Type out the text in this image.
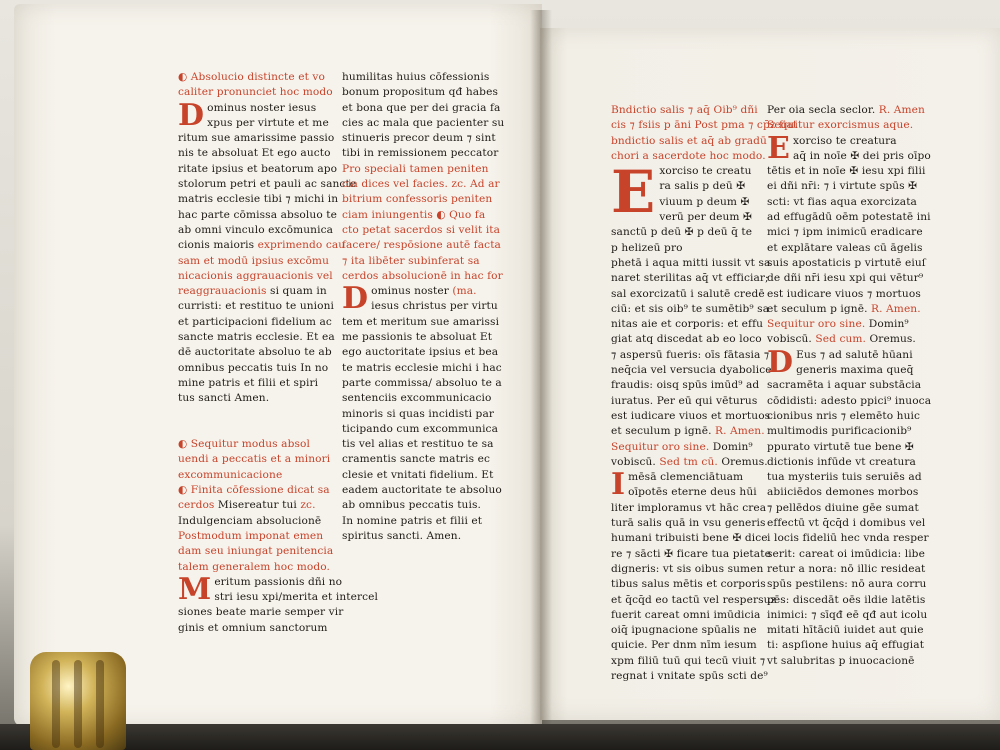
◐ Absolucio distincte et vo
caliter pronunciet hoc modo
D ominus noster iesus
xpus per virtute et me
ritum sue amarissime passio
nis te absoluat Et ego aucto
ritate ipsius et beatorum apo
stolorum petri et pauli ac sancte
matris ecclesie tibi ⁊ michi in
hac parte cōmissa absoluo te
ab omni vinculo excōmunica
cionis maioris exprimendo cau
sam et modū ipsius excōmu
nicacionis aggrauacionis vel
reaggrauacionis si quam in
curristi: et restituo te unioni
et participacioni fidelium ac
sancte matris ecclesie. Et ea
dē auctoritate absoluo te ab
omnibus peccatis tuis In no
mine patris et filii et spiri
tus sancti Amen.
◐ Sequitur modus absol
uendi a peccatis et a minori
excommunicacione
◐ Finita cōfessione dicat sa
cerdos Misereatur tui zc.
Indulgenciam absolucionē
Postmodum imponat emen
dam seu iniungat penitencia
talem generalem hoc modo.
M eritum passionis dñi no
stri iesu xpi/merita et intercel
siones beate marie semper vir
ginis et omnium sanctorum
humilitas huius cōfessionis
bonum propositum qđ habes
et bona que per dei gracia fa
cies ac mala que pacienter su
stinueris precor deum ⁊ sint
tibi in remissionem peccator
Pro speciali tamen peniten
cia dices vel facies. zc. Ad ar
bitrium confessoris peniten
ciam iniungentis ◐ Quo fa
cto petat sacerdos si velit ita
facere/ respōsione autē facta
⁊ ita libēter subinferat sa
cerdos absolucionē in hac for
D ominus noster (ma.
iesus christus per virtu
tem et meritum sue amarissi
me passionis te absoluat Et
ego auctoritate ipsius et bea
te matris ecclesie michi i hac
parte commissa/ absoluo te a
sentenciis excommunicacio
minoris si quas incidisti par
ticipando cum excommunica
tis vel alias et restituo te sa
cramentis sancte matris ec
clesie et vnitati fidelium. Et
eadem auctoritate te absoluo
ab omnibus peccatis tuis.
In nomine patris et filii et
spiritus sancti. Amen.
Bndictio salis ⁊ aq̄ Oib⁹ dñi
cis ⁊ fsiis p āni Post pma ⁊ cp̄z fiat
bndictio salis et aq̄ ab gradū
chori a sacerdote hoc modo.
E xorciso te creatu
ra salis p deū ✠
viuum p deum ✠
verū per deum ✠
sanctū p deū ✠ p deū q̄ te
p helizeū pro
phetā i aqua mitti iussit vt sa
naret sterilitas aq̄ vt efficiar;
sal exorcizatū i salutē credē
ciū: et sis oib⁹ te sumētib⁹ sa
nitas aie et corporis: et effu
giat atq discedat ab eo loco
⁊ aspersū fueris: oīs fātasia ⁊
neq̄cia vel versucia dyabolice
fraudis: oisq spūs imūd⁹ ad
iuratus. Per eū qui vēturus
est iudicare viuos et mortuos
et seculum p ignē. R. Amen.
Sequitur oro sine. Domin⁹
vobiscū. Sed tm cū. Oremus.
I mēsā clemenciātuam
oīpotēs eterne deus hūi
liter imploramus vt hāc crea
turā salis quā in vsu generis
humani tribuisti bene ✠ dice
re ⁊ sācti ✠ ficare tua pietate
digneris: vt sis oibus sumen
tibus salus mētis et corporis
et q̄cq̄d eo tactū vel respersuz
fuerit careat omni imūdicia
oiq̄ ipugnacione spūalis ne
quicie. Per dnm nīm iesum
xpm filiū tuū qui tecū viuit ⁊
regnat i vnitate spūs scti de⁹
Per oia secla seclor. R. Amen
Sequitur exorcismus aque.
E xorciso te creatura
aq̄ in noīe ✠ dei pris oīpo
tētis et in noīe ✠ iesu xpi filii
ei dñi nr̄i: ⁊ i virtute spūs ✠
scti: vt fias aqua exorcizata
ad effugādū oēm potestatē ini
mici ⁊ ipm inimicū eradicare
et explātare valeas cū āgelis
suis apostaticis p virtutē eiuſ
de dñi nr̄i iesu xpi qui vētur⁹
est iudicare viuos ⁊ mortuos
et seculum p ignē. R. Amen.
Sequitur oro sine. Domin⁹
vobiscū. Sed cum. Oremus.
D Eus ⁊ ad salutē hūani
generis maxima queq̄
sacramēta i aquar substācia
cōdidisti: adesto ppici⁹ inuoca
cionibus nris ⁊ elemēto huic
multimodis purificacionib⁹
ppurato virtutē tue bene ✠
dictionis infūde vt creatura
tua mysteriis tuis seruiēs ad
abiiciēdos demones morbos
⁊ pellēdos diuine gēe sumat
effectū vt q̄cq̄d i domibus vel
i locis fideliū hec vnda resper
serit: careat oi imūdicia: libe
retur a nora: nō illic resideat
spūs pestilens: nō aura corru
pēs: discedāt oēs ildie latētis
inimici: ⁊ sīqđ eē qđ aut icolu
mitati hītāciū iuidet aut quie
ti: aspſione huius aq̄ effugiat
vt salubritas p inuocacionē
